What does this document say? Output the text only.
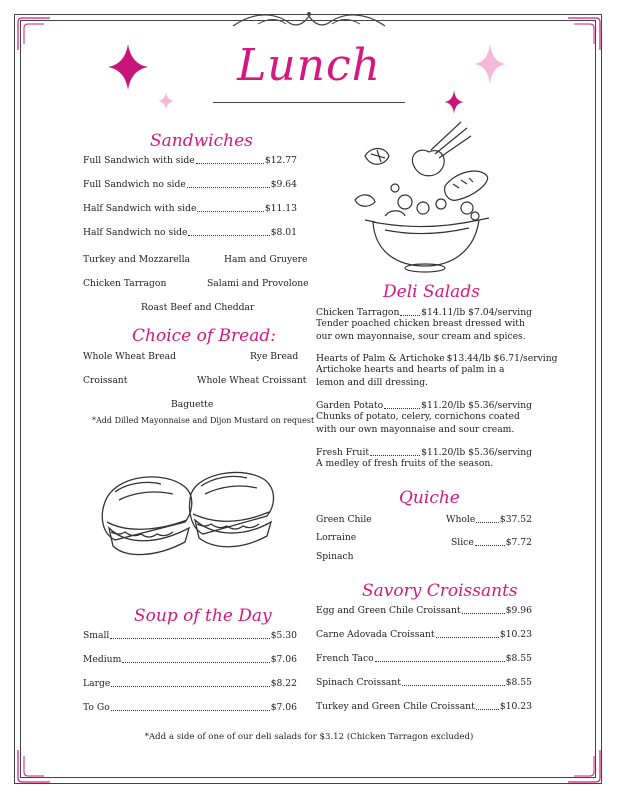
Lunch
Sandwiches
Full Sandwich with side	$12.77
Full Sandwich no side	$9.64
Half Sandwich with side	$11.13
Half Sandwich no side	$8.01
Turkey and Mozzarella	Ham and Gruyere
Chicken Tarragon	Salami and Provolone
Roast Beef and Cheddar
Choice of Bread:
Whole Wheat Bread	Rye Bread
Croissant	Whole Wheat Croissant
Baguette
*Add Dilled Mayonnaise and Dijon Mustard on request
Soup of the Day
Small	$5.30
Medium	$7.06
Large	$8.22
To Go	$7.06
Deli Salads
Chicken Tarragon $14.11/lb $7.04/serving
Tender poached chicken breast dressed with our own mayonnaise, sour cream and spices.
Hearts of Palm & Artichoke $13.44/lb $6.71/serving
Artichoke hearts and hearts of palm in a lemon and dill dressing.
Garden Potato	$11.20/lb $5.36/serving
Chunks of potato, celery, cornichons coated with our own mayonnaise and sour cream.
Fresh Fruit	$11.20/lb $5.36/serving
A medley of fresh fruits of the season.
Quiche
Green Chile
Lorraine
Spinach
Whole	$37.52
Slice	$7.72
Savory Croissants
Egg and Green Chile Croissant	$9.96
Carne Adovada Croissant	$10.23
French Taco	$8.55
Spinach Croissant	$8.55
Turkey and Green Chile Croissant	$10.23
*Add a side of one of our deli salads for $3.12 (Chicken Tarragon excluded)
